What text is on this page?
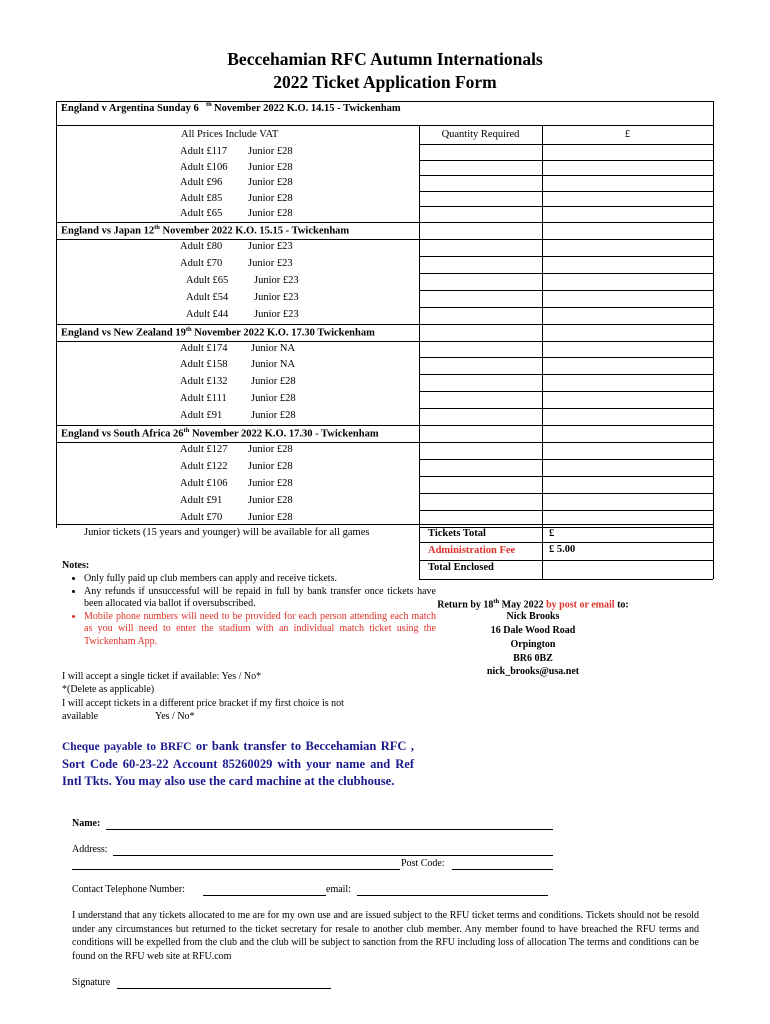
Beccehamian RFC Autumn Internationals
2022 Ticket Application Form
England v Argentina Sunday 6 th November 2022 K.O. 14.15 - Twickenham
All Prices Include VAT	Quantity Required	£
Adult £117 Junior £28
Adult £106 Junior £28
Adult £96 Junior £28
Adult £85 Junior £28
Adult £65 Junior £28
England vs Japan 12th November 2022 K.O. 15.15 - Twickenham
Adult £80 Junior £23
Adult £70 Junior £23
Adult £65 Junior £23
Adult £54 Junior £23
Adult £44 Junior £23
England vs New Zealand 19th November 2022 K.O. 17.30 Twickenham
Adult £174 Junior NA
Adult £158 Junior NA
Adult £132 Junior £28
Adult £111 Junior £28
Adult £91	Junior £28
England vs South Africa 26th November 2022 K.O. 17.30 - Twickenham
Adult £127 Junior £28
Adult £122 Junior £28
Adult £106 Junior £28
Adult £91 Junior £28
Adult £70 Junior £28
Junior tickets (15 years and younger) will be available for all games	Tickets Total	£
Administration Fee	£ 5.00
Total Enclosed
Notes:
• Only fully paid up club members can apply and receive tickets.
• Any refunds if unsuccessful will be repaid in full by bank transfer once tickets have been allocated via ballot if oversubscribed.
• Mobile phone numbers will need to be provided for each person attending each match as you will need to enter the stadium with an individual match ticket using the Twickenham App.
I will accept a single ticket if available: Yes / No*
*(Delete as applicable)
I will accept tickets in a different price bracket if my first choice is not
available	Yes / No*
Cheque payable to BRFC or bank transfer to Beccehamian RFC , Sort Code 60-23-22 Account 85260029 with your name and Ref Intl Tkts. You may also use the card machine at the clubhouse.
Return by 18th May 2022 by post or email to:
Nick Brooks
16 Dale Wood Road
Orpington
BR6 0BZ
nick_brooks@usa.net
Name:
Address:
Post Code:
Contact Telephone Number:	email:
I understand that any tickets allocated to me are for my own use and are issued subject to the RFU ticket terms and conditions. Tickets should not be resold under any circumstances but returned to the ticket secretary for resale to another club member. Any member found to have breached the RFU terms and conditions will be expelled from the club and the club will be subject to sanction from the RFU including loss of allocation The terms and conditions can be found on the RFU web site at RFU.com
Signature
